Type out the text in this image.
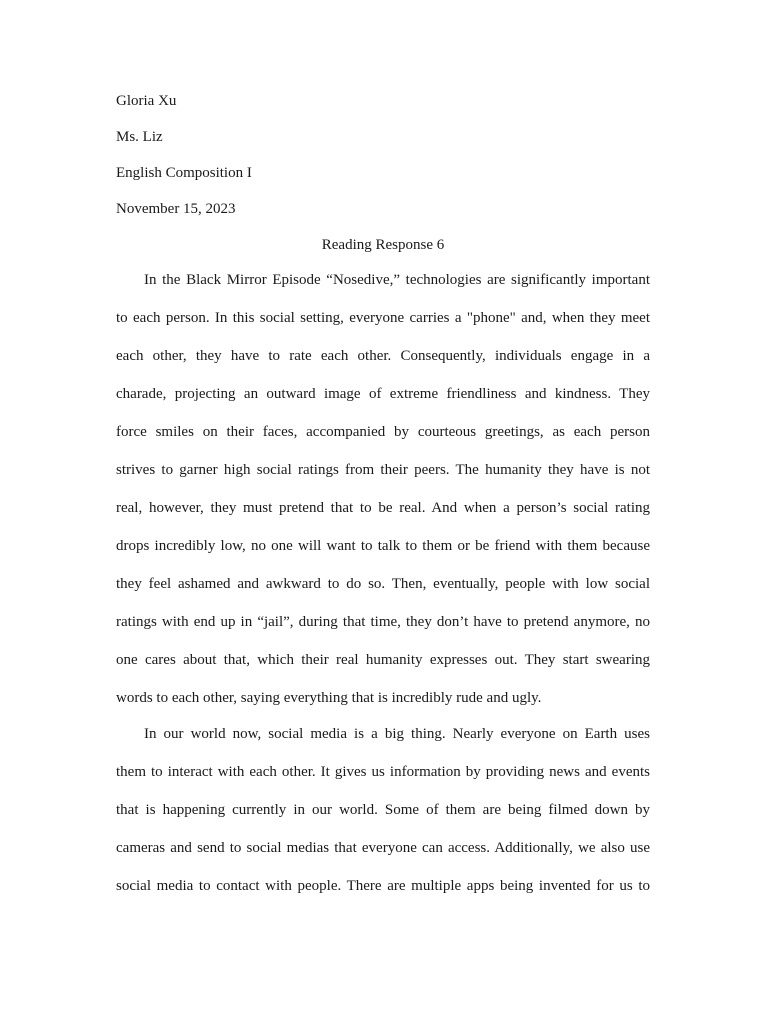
Gloria Xu
Ms. Liz
English Composition I
November 15, 2023
Reading Response 6
In the Black Mirror Episode “Nosedive,” technologies are significantly important
to each person. In this social setting, everyone carries a "phone" and, when they meet
each other, they have to rate each other. Consequently, individuals engage in a
charade, projecting an outward image of extreme friendliness and kindness. They
force smiles on their faces, accompanied by courteous greetings, as each person
strives to garner high social ratings from their peers. The humanity they have is not
real, however, they must pretend that to be real. And when a person’s social rating
drops incredibly low, no one will want to talk to them or be friend with them because
they feel ashamed and awkward to do so. Then, eventually, people with low social
ratings with end up in “jail”, during that time, they don’t have to pretend anymore, no
one cares about that, which their real humanity expresses out. They start swearing
words to each other, saying everything that is incredibly rude and ugly.
In our world now, social media is a big thing. Nearly everyone on Earth uses
them to interact with each other. It gives us information by providing news and events
that is happening currently in our world. Some of them are being filmed down by
cameras and send to social medias that everyone can access. Additionally, we also use
social media to contact with people. There are multiple apps being invented for us to
